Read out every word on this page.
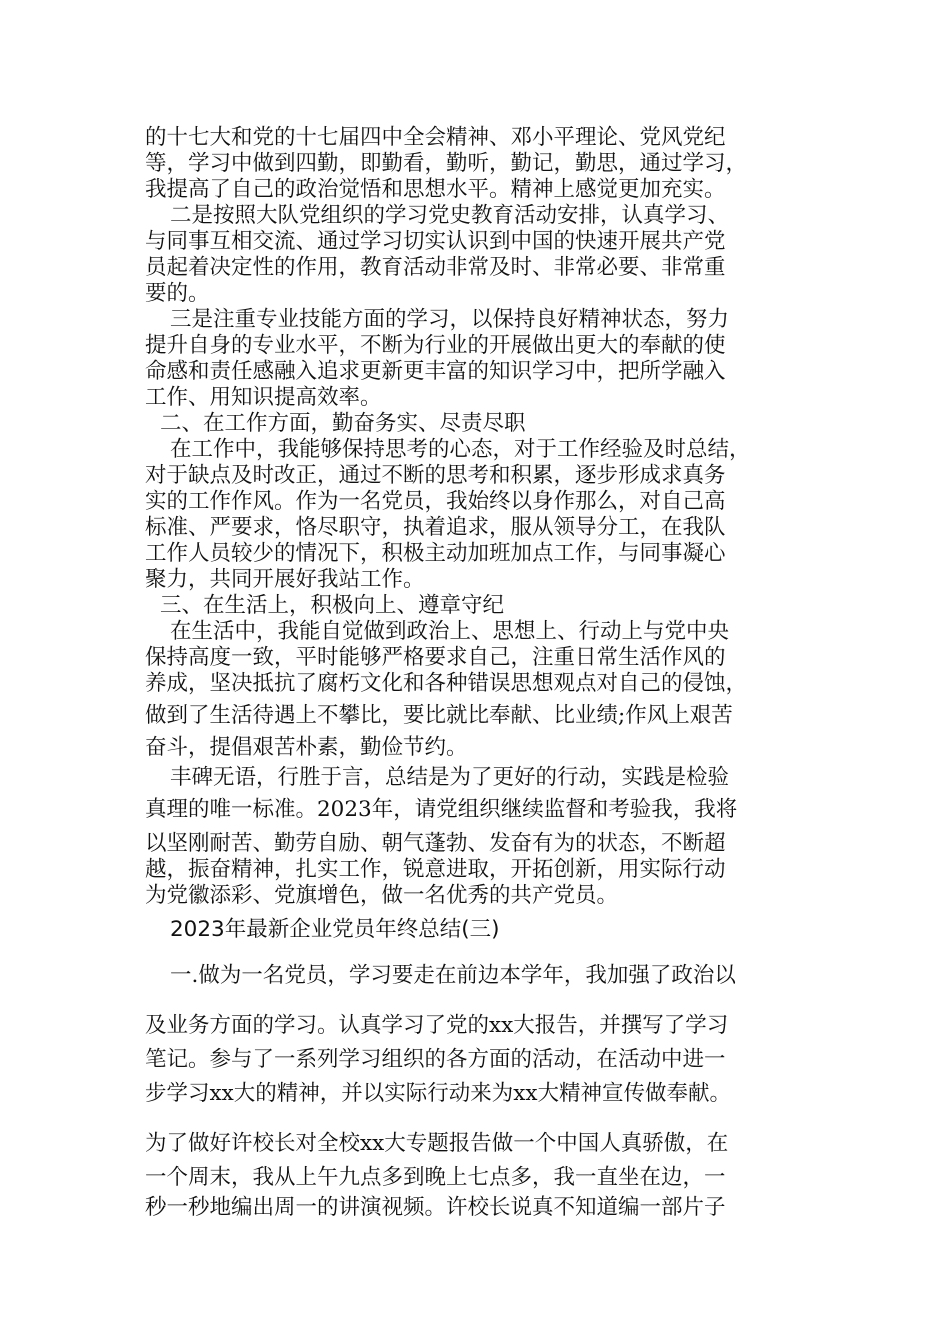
的十七大和党的十七届四中全会精神、邓小平理论、党风党纪
等，学习中做到四勤，即勤看，勤听，勤记，勤思，通过学习，
我提高了自己的政治觉悟和思想水平。精神上感觉更加充实。
二是按照大队党组织的学习党史教育活动安排，认真学习、
与同事互相交流、通过学习切实认识到中国的快速开展共产党
员起着决定性的作用，教育活动非常及时、非常必要、非常重
要的。
三是注重专业技能方面的学习，以保持良好精神状态，努力
提升自身的专业水平，不断为行业的开展做出更大的奉献的使
命感和责任感融入追求更新更丰富的知识学习中，把所学融入
工作、用知识提高效率。
二、在工作方面，勤奋务实、尽责尽职
在工作中，我能够保持思考的心态，对于工作经验及时总结，
对于缺点及时改正，通过不断的思考和积累，逐步形成求真务
实的工作作风。作为一名党员，我始终以身作那么，对自己高
标准、严要求，恪尽职守，执着追求，服从领导分工，在我队
工作人员较少的情况下，积极主动加班加点工作，与同事凝心
聚力，共同开展好我站工作。
三、在生活上，积极向上、遵章守纪
在生活中，我能自觉做到政治上、思想上、行动上与党中央
保持高度一致，平时能够严格要求自己，注重日常生活作风的
养成，坚决抵抗了腐朽文化和各种错误思想观点对自己的侵蚀，
做到了生活待遇上不攀比，要比就比奉献、比业绩;作风上艰苦
奋斗，提倡艰苦朴素，勤俭节约。
丰碑无语，行胜于言，总结是为了更好的行动，实践是检验
真理的唯一标准。2023年，请党组织继续监督和考验我，我将
以坚刚耐苦、勤劳自励、朝气蓬勃、发奋有为的状态，不断超
越，振奋精神，扎实工作，锐意进取，开拓创新，用实际行动
为党徽添彩、党旗增色，做一名优秀的共产党员。
2023年最新企业党员年终总结(三)
一.做为一名党员，学习要走在前边本学年，我加强了政治以
及业务方面的学习。认真学习了党的xx大报告，并撰写了学习
笔记。参与了一系列学习组织的各方面的活动，在活动中进一
步学习xx大的精神，并以实际行动来为xx大精神宣传做奉献。
为了做好许校长对全校xx大专题报告做一个中国人真骄傲，在
一个周末，我从上午九点多到晚上七点多，我一直坐在边，一
秒一秒地编出周一的讲演视频。许校长说真不知道编一部片子
